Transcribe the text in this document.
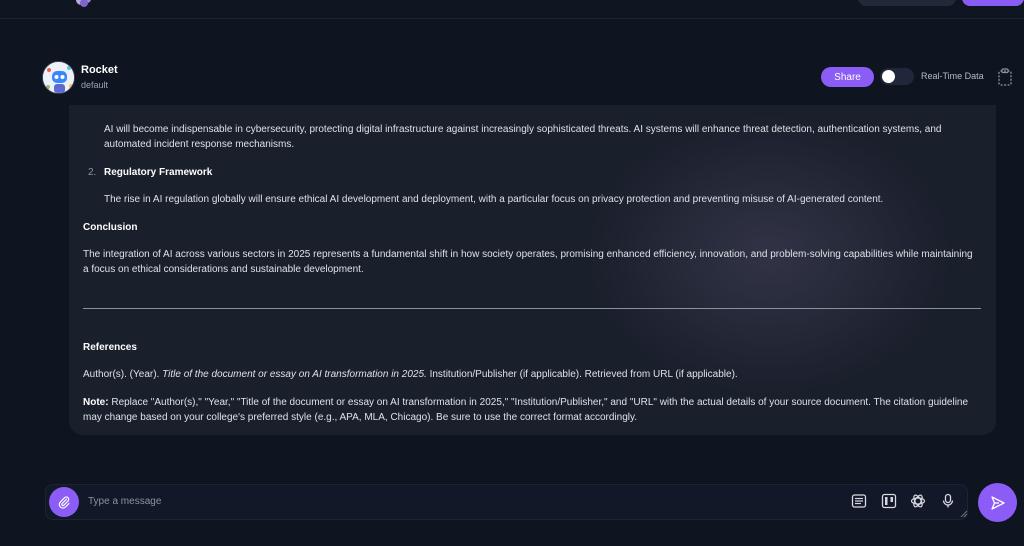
Rocket
default
Share	Real-Time Data
AI will become indispensable in cybersecurity, protecting digital infrastructure against increasingly sophisticated threats. AI systems will enhance threat detection, authentication systems, and automated incident response mechanisms.
2. Regulatory Framework
The rise in AI regulation globally will ensure ethical AI development and deployment, with a particular focus on privacy protection and preventing misuse of AI-generated content.
Conclusion
The integration of AI across various sectors in 2025 represents a fundamental shift in how society operates, promising enhanced efficiency, innovation, and problem-solving capabilities while maintaining a focus on ethical considerations and sustainable development.
References
Author(s). (Year). Title of the document or essay on AI transformation in 2025. Institution/Publisher (if applicable). Retrieved from URL (if applicable).
Note: Replace "Author(s)," "Year," "Title of the document or essay on AI transformation in 2025," "Institution/Publisher," and "URL" with the actual details of your source document. The citation guideline may change based on your college's preferred style (e.g., APA, MLA, Chicago). Be sure to use the correct format accordingly.
Type a message
